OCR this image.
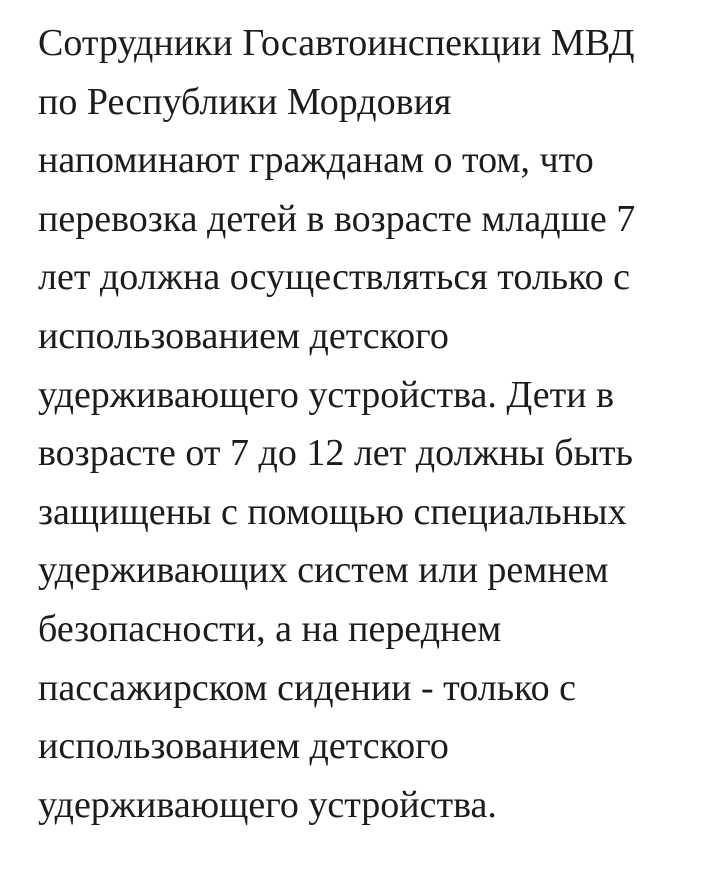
Сотрудники Госавтоинспекции МВД
по Республики Мордовия
напоминают гражданам о том, что
перевозка детей в возрасте младше 7
лет должна осуществляться только с
использованием детского
удерживающего устройства. Дети в
возрасте от 7 до 12 лет должны быть
защищены с помощью специальных
удерживающих систем или ремнем
безопасности, а на переднем
пассажирском сидении - только с
использованием детского
удерживающего устройства.
